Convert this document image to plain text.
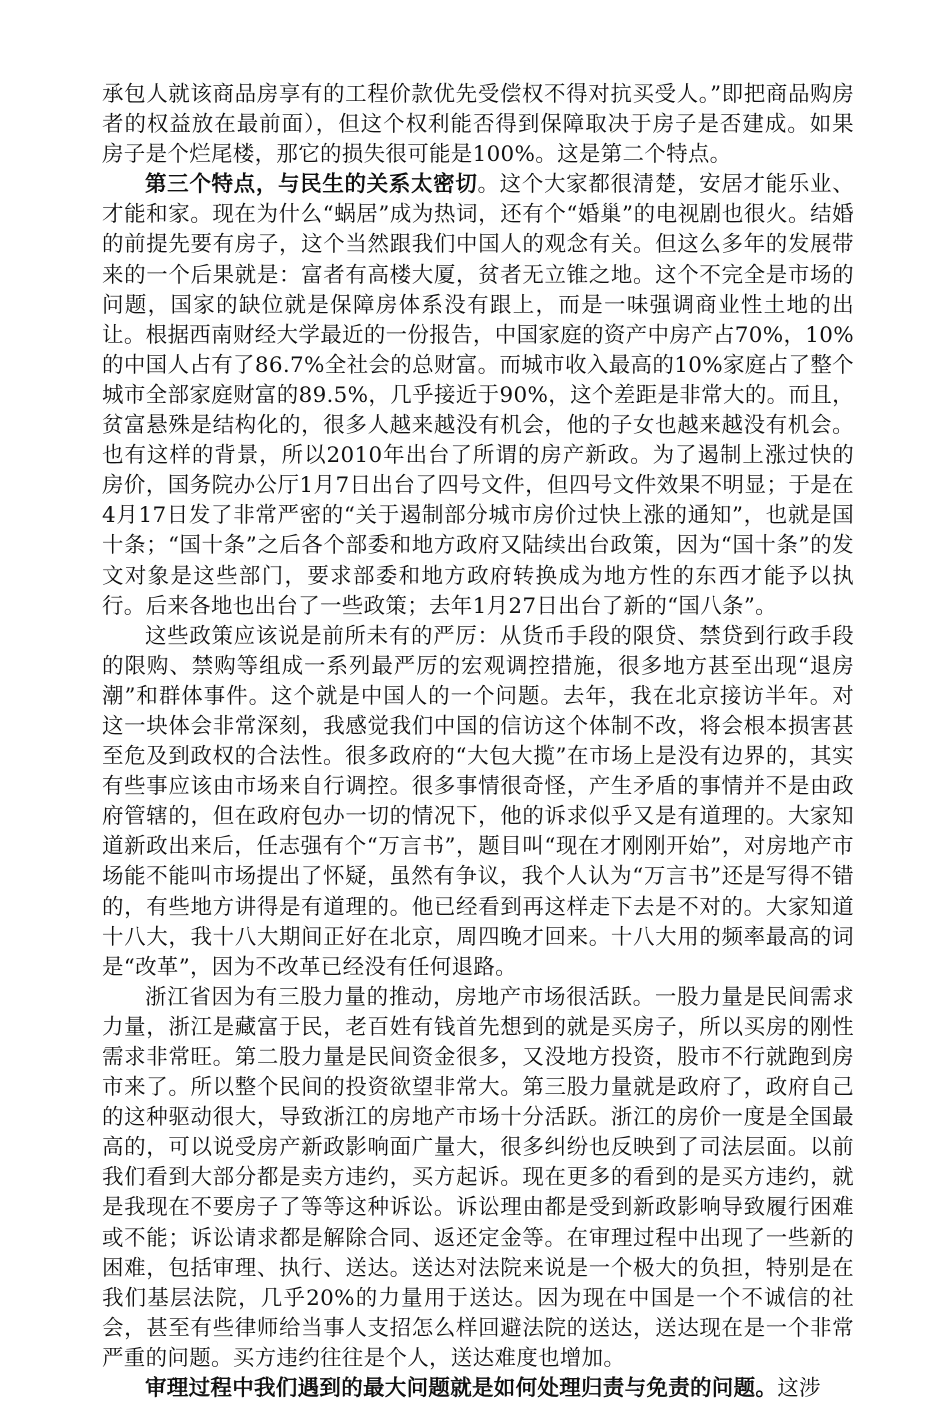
承包人就该商品房享有的工程价款优先受偿权不得对抗买受人。”即把商品购房者的权益放在最前面），但这个权利能否得到保障取决于房子是否建成。如果房子是个烂尾楼，那它的损失很可能是100%。这是第二个特点。

第三个特点，与民生的关系太密切。这个大家都很清楚，安居才能乐业、才能和家。现在为什么“蜗居”成为热词，还有个“婚巢”的电视剧也很火。结婚的前提先要有房子，这个当然跟我们中国人的观念有关。但这么多年的发展带来的一个后果就是：富者有高楼大厦，贫者无立锥之地。这个不完全是市场的问题，国家的缺位就是保障房体系没有跟上，而是一味强调商业性土地的出让。根据西南财经大学最近的一份报告，中国家庭的资产中房产占70%，10%的中国人占有了86.7%全社会的总财富。而城市收入最高的10%家庭占了整个城市全部家庭财富的89.5%，几乎接近于90%，这个差距是非常大的。而且，贫富悬殊是结构化的，很多人越来越没有机会，他的子女也越来越没有机会。也有这样的背景，所以2010年出台了所谓的房产新政。为了遏制上涨过快的房价，国务院办公厅1月7日出台了四号文件，但四号文件效果不明显；于是在4月17日发了非常严密的“关于遏制部分城市房价过快上涨的通知”，也就是国十条；“国十条”之后各个部委和地方政府又陆续出台政策，因为“国十条”的发文对象是这些部门，要求部委和地方政府转换成为地方性的东西才能予以执行。后来各地也出台了一些政策；去年1月27日出台了新的“国八条”。

这些政策应该说是前所未有的严厉：从货币手段的限贷、禁贷到行政手段的限购、禁购等组成一系列最严厉的宏观调控措施，很多地方甚至出现“退房潮”和群体事件。这个就是中国人的一个问题。去年，我在北京接访半年。对这一块体会非常深刻，我感觉我们中国的信访这个体制不改，将会根本损害甚至危及到政权的合法性。很多政府的“大包大揽”在市场上是没有边界的，其实有些事应该由市场来自行调控。很多事情很奇怪，产生矛盾的事情并不是由政府管辖的，但在政府包办一切的情况下，他的诉求似乎又是有道理的。大家知道新政出来后，任志强有个“万言书”，题目叫“现在才刚刚开始”，对房地产市场能不能叫市场提出了怀疑，虽然有争议，我个人认为“万言书”还是写得不错的，有些地方讲得是有道理的。他已经看到再这样走下去是不对的。大家知道十八大，我十八大期间正好在北京，周四晚才回来。十八大用的频率最高的词是“改革”，因为不改革已经没有任何退路。

浙江省因为有三股力量的推动，房地产市场很活跃。一股力量是民间需求力量，浙江是藏富于民，老百姓有钱首先想到的就是买房子，所以买房的刚性需求非常旺。第二股力量是民间资金很多，又没地方投资，股市不行就跑到房市来了。所以整个民间的投资欲望非常大。第三股力量就是政府了，政府自己的这种驱动很大，导致浙江的房地产市场十分活跃。浙江的房价一度是全国最高的，可以说受房产新政影响面广量大，很多纠纷也反映到了司法层面。以前我们看到大部分都是卖方违约，买方起诉。现在更多的看到的是买方违约，就是我现在不要房子了等等这种诉讼。诉讼理由都是受到新政影响导致履行困难或不能；诉讼请求都是解除合同、返还定金等。在审理过程中出现了一些新的困难，包括审理、执行、送达。送达对法院来说是一个极大的负担，特别是在我们基层法院，几乎20%的力量用于送达。因为现在中国是一个不诚信的社会，甚至有些律师给当事人支招怎么样回避法院的送达，送达现在是一个非常严重的问题。买方违约往往是个人，送达难度也增加。

审理过程中我们遇到的最大问题就是如何处理归责与免责的问题。这涉
